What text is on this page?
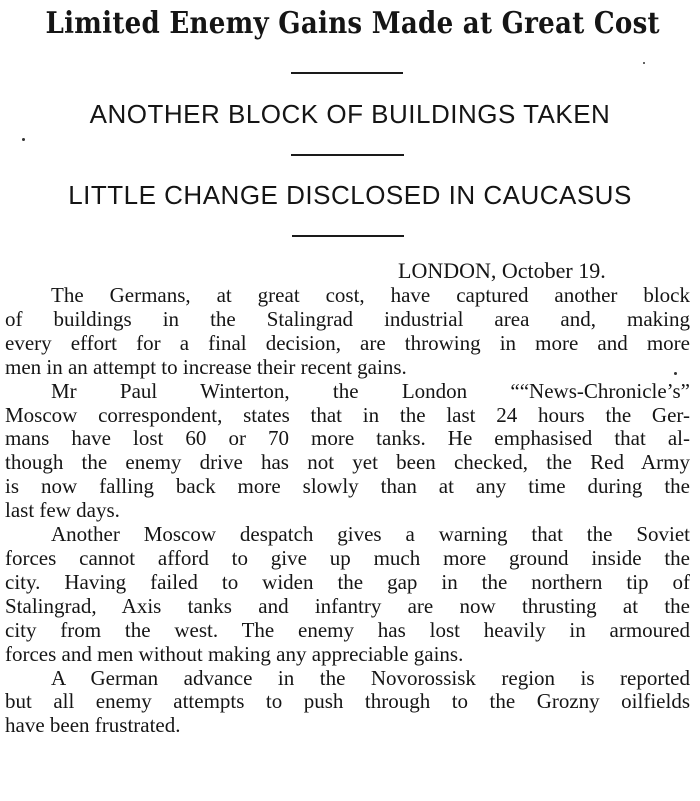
Limited Enemy Gains Made at Great Cost
ANOTHER BLOCK OF BUILDINGS TAKEN
LITTLE CHANGE DISCLOSED IN CAUCASUS
LONDON, October 19.

The Germans, at great cost, have captured another block
of buildings in the Stalingrad industrial area and, making
every effort for a final decision, are throwing in more and more
men in an attempt to increase their recent gains.

Mr Paul Winterton, the London ““News-Chronicle’s”
Moscow correspondent, states that in the last 24 hours the Ger-
mans have lost 60 or 70 more tanks. He emphasised that al-
though the enemy drive has not yet been checked, the Red Army
is now falling back more slowly than at any time during the
last few days.

Another Moscow despatch gives a warning that the Soviet
forces cannot afford to give up much more ground inside the
city. Having failed to widen the gap in the northern tip of
Stalingrad, Axis tanks and infantry are now thrusting at the
city from the west. The enemy has lost heavily in armoured
forces and men without making any appreciable gains.

A German advance in the Novorossisk region is reported
but all enemy attempts to push through to the Grozny oilfields
have been frustrated.
